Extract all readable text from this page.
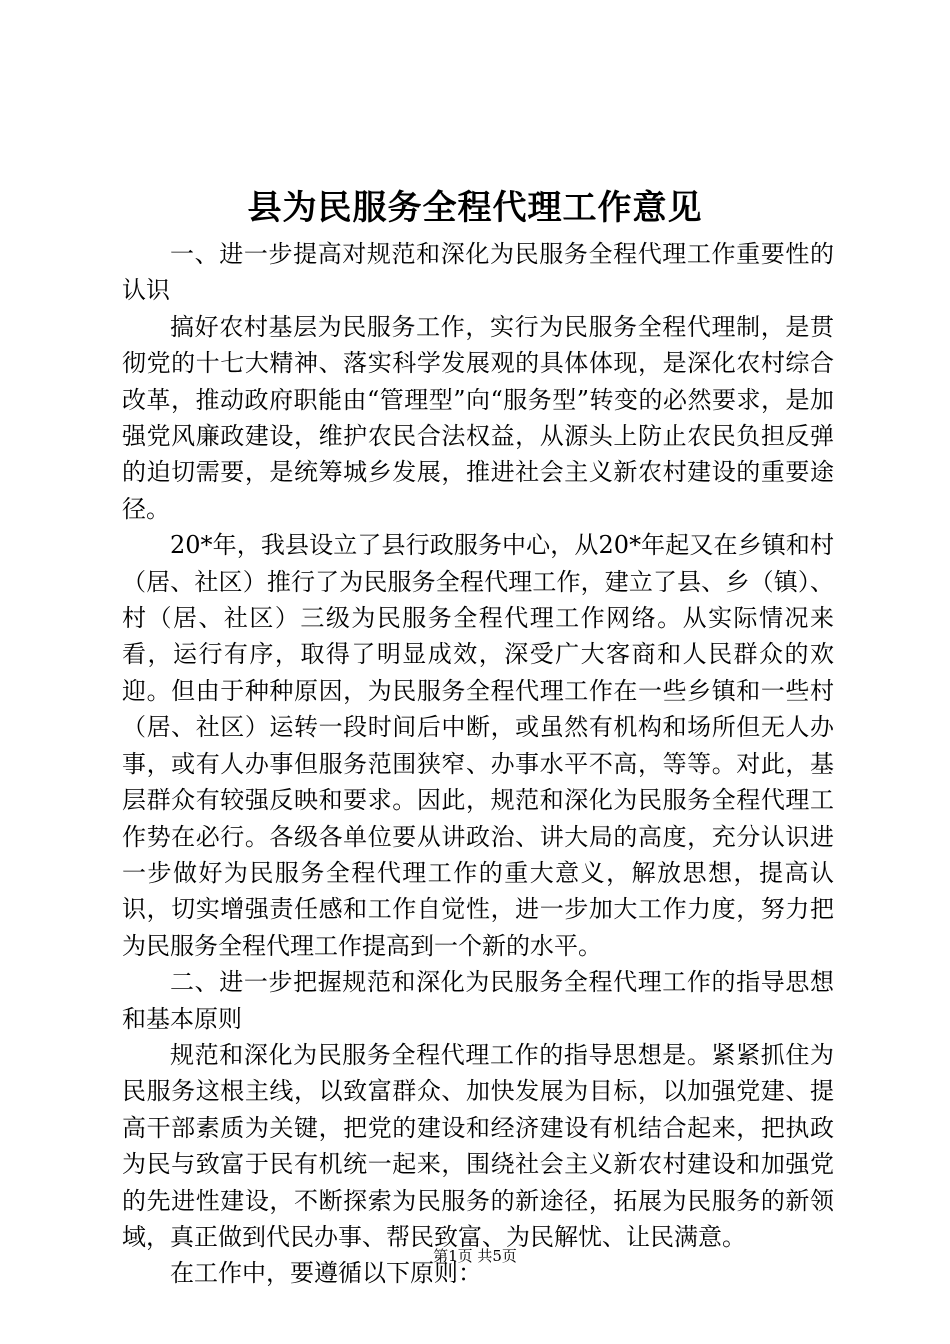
县为民服务全程代理工作意见

一、进一步提高对规范和深化为民服务全程代理工作重要性的认识

搞好农村基层为民服务工作，实行为民服务全程代理制，是贯彻党的十七大精神、落实科学发展观的具体体现，是深化农村综合改革，推动政府职能由“管理型”向“服务型”转变的必然要求，是加强党风廉政建设，维护农民合法权益，从源头上防止农民负担反弹的迫切需要，是统筹城乡发展，推进社会主义新农村建设的重要途径。

20*年，我县设立了县行政服务中心，从20*年起又在乡镇和村（居、社区）推行了为民服务全程代理工作，建立了县、乡（镇）、村（居、社区）三级为民服务全程代理工作网络。从实际情况来看，运行有序，取得了明显成效，深受广大客商和人民群众的欢迎。但由于种种原因，为民服务全程代理工作在一些乡镇和一些村（居、社区）运转一段时间后中断，或虽然有机构和场所但无人办事，或有人办事但服务范围狭窄、办事水平不高，等等。对此，基层群众有较强反映和要求。因此，规范和深化为民服务全程代理工作势在必行。各级各单位要从讲政治、讲大局的高度，充分认识进一步做好为民服务全程代理工作的重大意义，解放思想，提高认识，切实增强责任感和工作自觉性，进一步加大工作力度，努力把为民服务全程代理工作提高到一个新的水平。

二、进一步把握规范和深化为民服务全程代理工作的指导思想和基本原则

规范和深化为民服务全程代理工作的指导思想是。紧紧抓住为民服务这根主线，以致富群众、加快发展为目标，以加强党建、提高干部素质为关键，把党的建设和经济建设有机结合起来，把执政为民与致富于民有机统一起来，围绕社会主义新农村建设和加强党的先进性建设，不断探索为民服务的新途径，拓展为民服务的新领域，真正做到代民办事、帮民致富、为民解忧、让民满意。

在工作中，要遵循以下原则：

第1页 共5页
